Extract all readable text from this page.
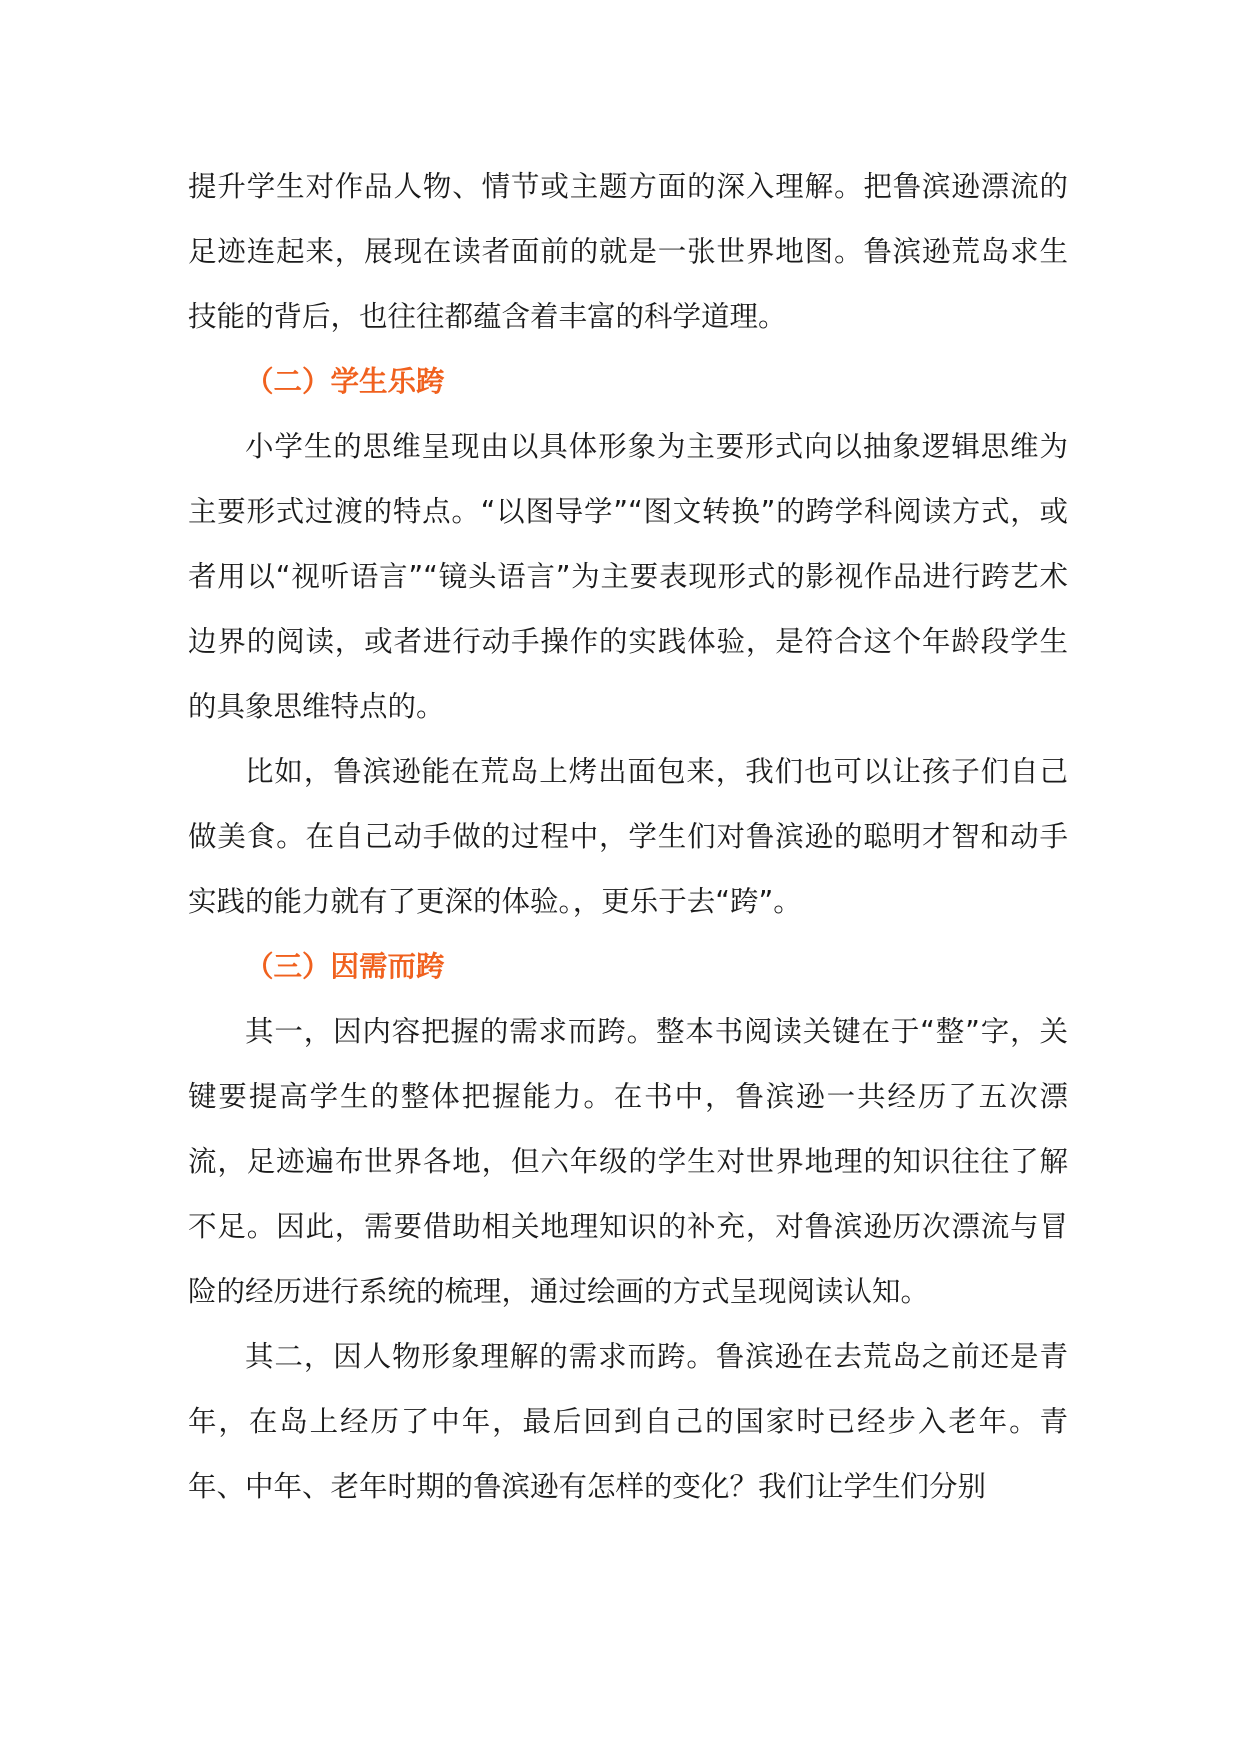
提升学生对作品人物、情节或主题方面的深入理解。把鲁滨逊漂流的足迹连起来，展现在读者面前的就是一张世界地图。鲁滨逊荒岛求生技能的背后，也往往都蕴含着丰富的科学道理。

（二）学生乐跨

小学生的思维呈现由以具体形象为主要形式向以抽象逻辑思维为主要形式过渡的特点。“以图导学”“图文转换”的跨学科阅读方式，或者用以“视听语言”“镜头语言”为主要表现形式的影视作品进行跨艺术边界的阅读，或者进行动手操作的实践体验，是符合这个年龄段学生的具象思维特点的。

比如，鲁滨逊能在荒岛上烤出面包来，我们也可以让孩子们自己做美食。在自己动手做的过程中，学生们对鲁滨逊的聪明才智和动手实践的能力就有了更深的体验。，更乐于去“跨”。

（三）因需而跨

其一，因内容把握的需求而跨。整本书阅读关键在于“整”字，关键要提高学生的整体把握能力。在书中，鲁滨逊一共经历了五次漂流，足迹遍布世界各地，但六年级的学生对世界地理的知识往往了解不足。因此，需要借助相关地理知识的补充，对鲁滨逊历次漂流与冒险的经历进行系统的梳理，通过绘画的方式呈现阅读认知。

其二，因人物形象理解的需求而跨。鲁滨逊在去荒岛之前还是青年，在岛上经历了中年，最后回到自己的国家时已经步入老年。青年、中年、老年时期的鲁滨逊有怎样的变化？我们让学生们分别
